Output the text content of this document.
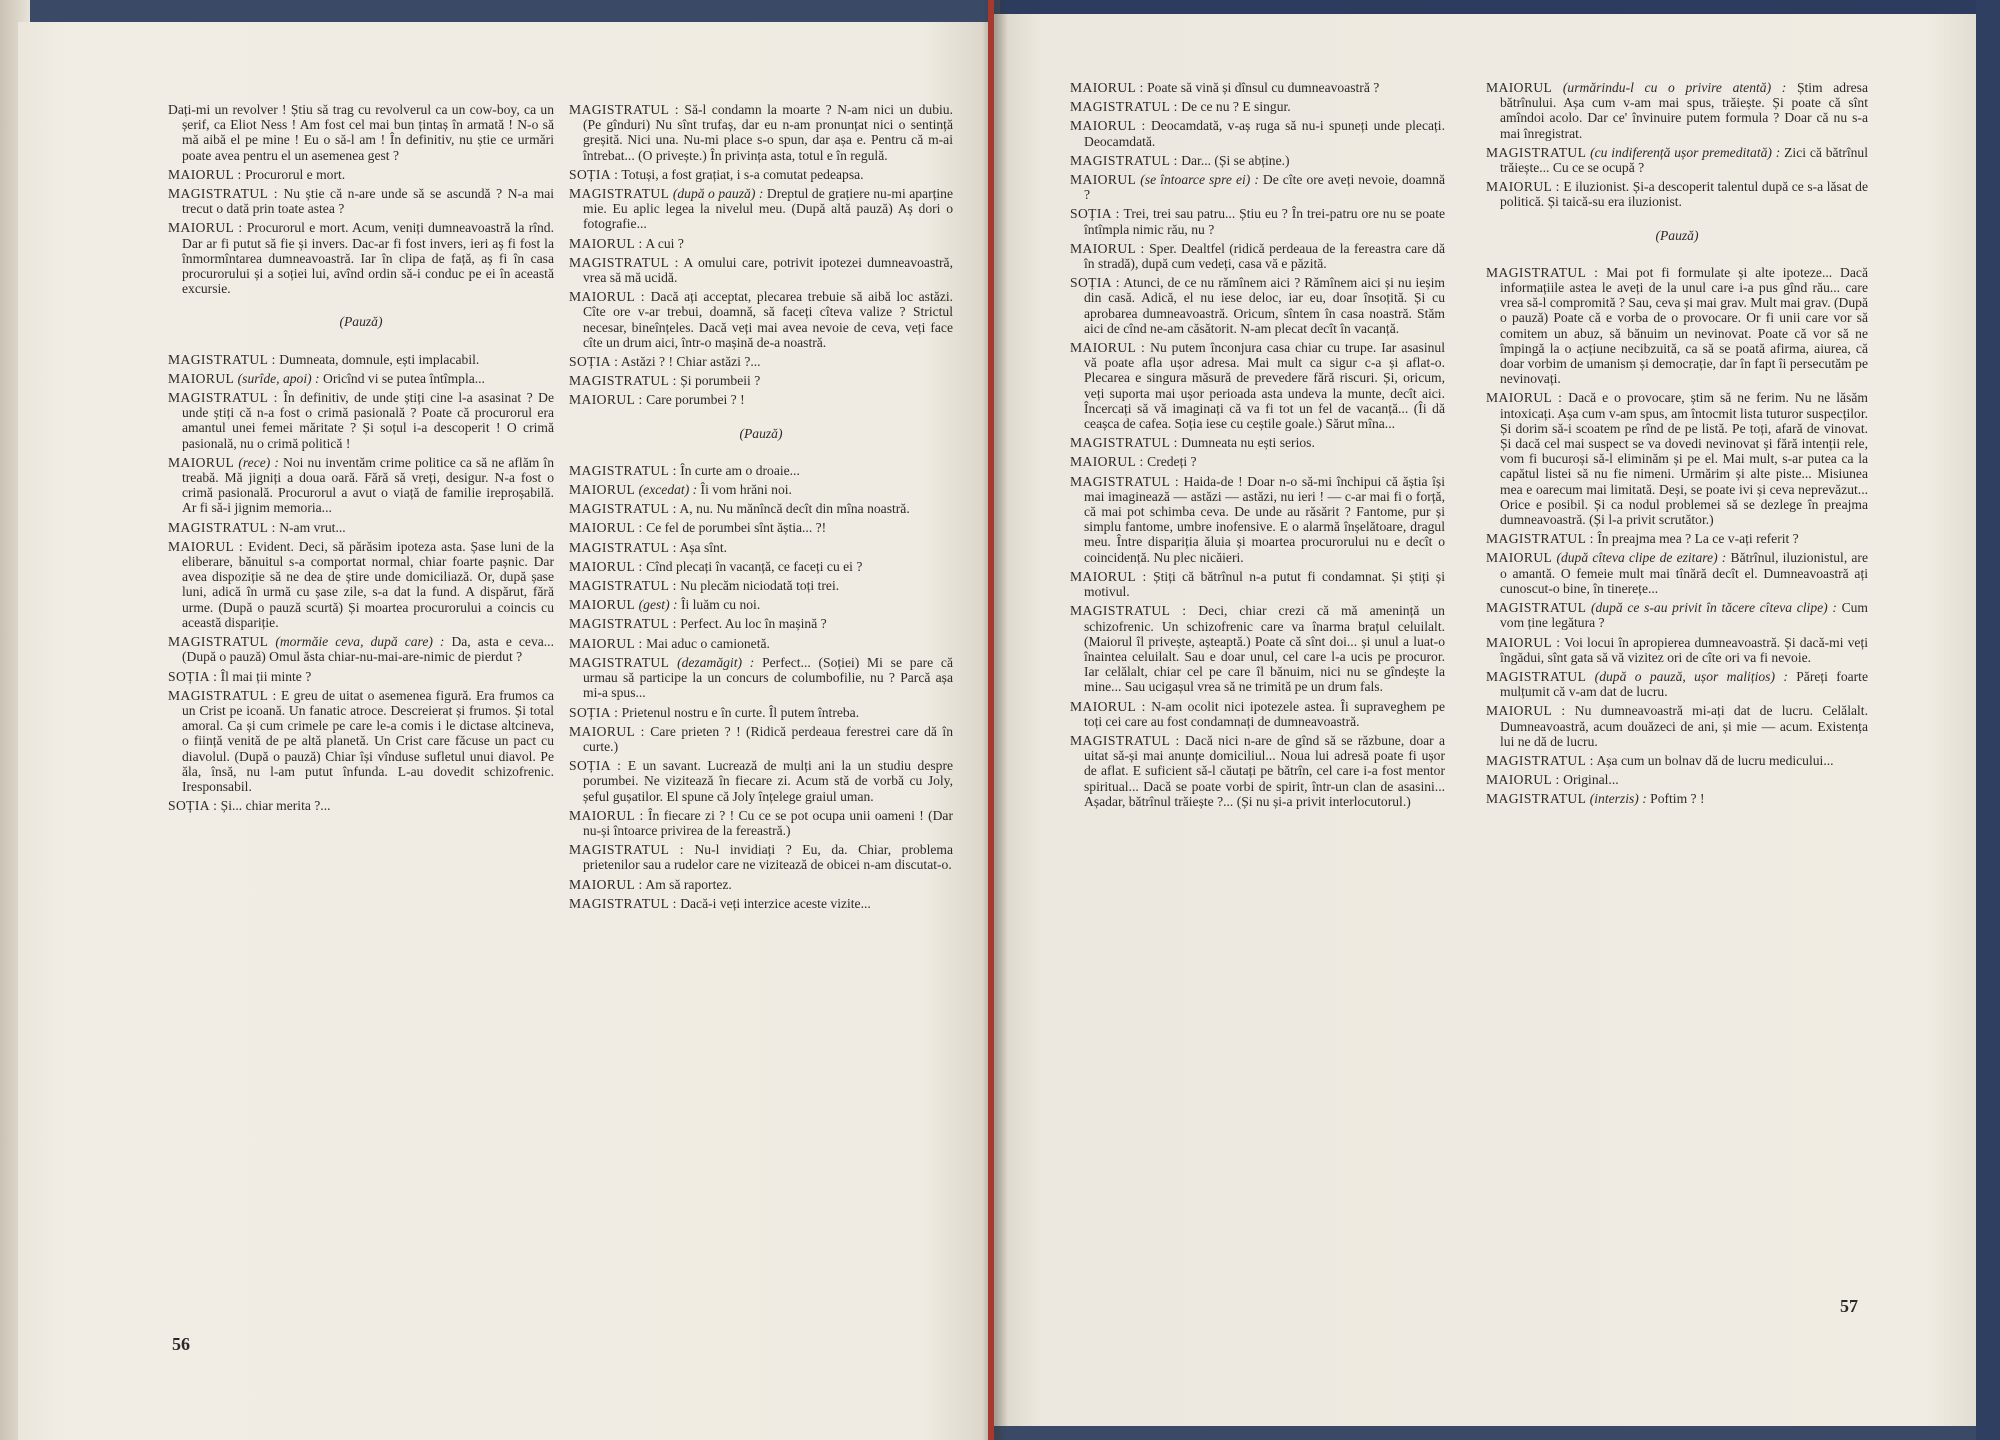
Dați-mi un revolver ! Știu să trag cu revolverul ca un cow-boy, ca un șerif, ca Eliot Ness ! Am fost cel mai bun țintaș în armată ! N-o să mă aibă el pe mine ! Eu o să-l am ! În definitiv, nu știe ce urmări poate avea pentru el un asemenea gest ?
MAIORUL : Procurorul e mort.
MAGISTRATUL : Nu știe că n-are unde să se ascundă ? N-a mai trecut o dată prin toate astea ?
MAIORUL : Procurorul e mort. Acum, veniți dumneavoastră la rînd. Dar ar fi putut să fie și invers. Dac-ar fi fost invers, ieri aș fi fost la înmormîntarea dumneavoastră. Iar în clipa de față, aș fi în casa procurorului și a soției lui, avînd ordin să-i conduc pe ei în această excursie.
(Pauză)
MAGISTRATUL : Dumneata, domnule, ești implacabil.
MAIORUL (surîde, apoi) : Oricînd vi se putea întîmpla...
MAGISTRATUL : În definitiv, de unde știți cine l-a asasinat ? De unde știți că n-a fost o crimă pasională ? Poate că procurorul era amantul unei femei măritate ? Și soțul i-a descoperit ! O crimă pasională, nu o crimă politică !
MAIORUL (rece) : Noi nu inventăm crime politice ca să ne aflăm în treabă. Mă jigniți a doua oară. Fără să vreți, desigur. N-a fost o crimă pasională. Procurorul a avut o viață de familie ireproșabilă. Ar fi să-i jignim memoria...
MAGISTRATUL : N-am vrut...
MAIORUL : Evident. Deci, să părăsim ipoteza asta. Șase luni de la eliberare, bănuitul s-a comportat normal, chiar foarte pașnic. Dar avea dispoziție să ne dea de știre unde domiciliază. Or, după șase luni, adică în urmă cu șase zile, s-a dat la fund. A dispărut, fără urme. (După o pauză scurtă) Și moartea procurorului a coincis cu această dispariție.
MAGISTRATUL (mormăie ceva, după care) : Da, asta e ceva... (După o pauză) Omul ăsta chiar-nu-mai-are-nimic de pierdut ?
SOȚIA : Îl mai ții minte ?
MAGISTRATUL : E greu de uitat o asemenea figură. Era frumos ca un Crist pe icoană. Un fanatic atroce. Descreierat și frumos. Și total amoral. Ca și cum crimele pe care le-a comis i le dictase altcineva, o ființă venită de pe altă planetă. Un Crist care făcuse un pact cu diavolul. (După o pauză) Chiar își vînduse sufletul unui diavol. Pe ăla, însă, nu l-am putut înfunda. L-au dovedit schizofrenic. Iresponsabil.
SOȚIA : Și... chiar merita ?...
MAGISTRATUL : Să-l condamn la moarte ? N-am nici un dubiu. (Pe gînduri) Nu sînt trufaș, dar eu n-am pronunțat nici o sentință greșită. Nici una. Nu-mi place s-o spun, dar așa e. Pentru că m-ai întrebat... (O privește.) În privința asta, totul e în regulă.
SOȚIA : Totuși, a fost grațiat, i s-a comutat pedeapsa.
MAGISTRATUL (după o pauză) : Dreptul de grațiere nu-mi aparține mie. Eu aplic legea la nivelul meu. (După altă pauză) Aș dori o fotografie...
MAIORUL : A cui ?
MAGISTRATUL : A omului care, potrivit ipotezei dumneavoastră, vrea să mă ucidă.
MAIORUL : Dacă ați acceptat, plecarea trebuie să aibă loc astăzi. Cîte ore v-ar trebui, doamnă, să faceți cîteva valize ? Strictul necesar, bineînțeles. Dacă veți mai avea nevoie de ceva, veți face cîte un drum aici, într-o mașină de-a noastră.
SOȚIA : Astăzi ? ! Chiar astăzi ?...
MAGISTRATUL : Și porumbeii ?
MAIORUL : Care porumbei ? !
(Pauză)
MAGISTRATUL : În curte am o droaie...
MAIORUL (excedat) : Îi vom hrăni noi.
MAGISTRATUL : A, nu. Nu mănîncă decît din mîna noastră.
MAIORUL : Ce fel de porumbei sînt ăștia... ?!
MAGISTRATUL : Așa sînt.
MAIORUL : Cînd plecați în vacanță, ce faceți cu ei ?
MAGISTRATUL : Nu plecăm niciodată toți trei.
MAIORUL (gest) : Îi luăm cu noi.
MAGISTRATUL : Perfect. Au loc în mașină ?
MAIORUL : Mai aduc o camionetă.
MAGISTRATUL (dezamăgit) : Perfect... (Soției) Mi se pare că urmau să participe la un concurs de columbofilie, nu ? Parcă așa mi-a spus...
SOȚIA : Prietenul nostru e în curte. Îl putem întreba.
MAIORUL : Care prieten ? ! (Ridică perdeaua ferestrei care dă în curte.)
SOȚIA : E un savant. Lucrează de mulți ani la un studiu despre porumbei. Ne vizitează în fiecare zi. Acum stă de vorbă cu Joly, șeful gușatilor. El spune că Joly înțelege graiul uman.
MAIORUL : În fiecare zi ? ! Cu ce se pot ocupa unii oameni ! (Dar nu-și întoarce privirea de la fereastră.)
MAGISTRATUL : Nu-l invidiați ? Eu, da. Chiar, problema prietenilor sau a rudelor care ne vizitează de obicei n-am discutat-o.
MAIORUL : Am să raportez.
MAGISTRATUL : Dacă-i veți interzice aceste vizite...
56
MAIORUL : Poate să vină și dînsul cu dumneavoastră ?
MAGISTRATUL : De ce nu ? E singur.
MAIORUL : Deocamdată, v-aș ruga să nu-i spuneți unde plecați. Deocamdată.
MAGISTRATUL : Dar... (Și se abține.)
MAIORUL (se întoarce spre ei) : De cîte ore aveți nevoie, doamnă ?
SOȚIA : Trei, trei sau patru... Știu eu ? În trei-patru ore nu se poate întîmpla nimic rău, nu ?
MAIORUL : Sper. Dealtfel (ridică perdeaua de la fereastra care dă în stradă), după cum vedeți, casa vă e păzită.
SOȚIA : Atunci, de ce nu rămînem aici ? Rămînem aici și nu ieșim din casă. Adică, el nu iese deloc, iar eu, doar însoțită. Și cu aprobarea dumneavoastră. Oricum, sîntem în casa noastră. Stăm aici de cînd ne-am căsătorit. N-am plecat decît în vacanță.
MAIORUL : Nu putem înconjura casa chiar cu trupe. Iar asasinul vă poate afla ușor adresa. Mai mult ca sigur c-a și aflat-o. Plecarea e singura măsură de prevedere fără riscuri. Și, oricum, veți suporta mai ușor perioada asta undeva la munte, decît aici. Încercați să vă imaginați că va fi tot un fel de vacanță... (Îi dă ceașca de cafea. Soția iese cu ceștile goale.) Sărut mîna...
MAGISTRATUL : Dumneata nu ești serios.
MAIORUL : Credeți ?
MAGISTRATUL : Haida-de ! Doar n-o să-mi închipui că ăștia își mai imaginează — astăzi — astăzi, nu ieri ! — c-ar mai fi o forță, că mai pot schimba ceva. De unde au răsărit ? Fantome, pur și simplu fantome, umbre inofensive. E o alarmă înșelătoare, dragul meu. Între dispariția ăluia și moartea procurorului nu e decît o coincidență. Nu plec nicăieri.
MAIORUL : Știți că bătrînul n-a putut fi condamnat. Și știți și motivul.
MAGISTRATUL : Deci, chiar crezi că mă amenință un schizofrenic. Un schizofrenic care va înarma brațul celuilalt. (Maiorul îl privește, așteaptă.) Poate că sînt doi... și unul a luat-o înaintea celuilalt. Sau e doar unul, cel care l-a ucis pe procuror. Iar celălalt, chiar cel pe care îl bănuim, nici nu se gîndește la mine... Sau ucigașul vrea să ne trimită pe un drum fals.
MAIORUL : N-am ocolit nici ipotezele astea. Îi supraveghem pe toți cei care au fost condamnați de dumneavoastră.
MAGISTRATUL : Dacă nici n-are de gînd să se răzbune, doar a uitat să-și mai anunțe domiciliul... Noua lui adresă poate fi ușor de aflat. E suficient să-l căutați pe bătrîn, cel care i-a fost mentor spiritual... Dacă se poate vorbi de spirit, într-un clan de asasini... Așadar, bătrînul trăiește ?... (Și nu și-a privit interlocutorul.)
MAIORUL (urmărindu-l cu o privire atentă) : Știm adresa bătrînului. Așa cum v-am mai spus, trăiește. Și poate că sînt amîndoi acolo. Dar ce' învinuire putem formula ? Doar că nu s-a mai înregistrat.
MAGISTRATUL (cu indiferență ușor premeditată) : Zici că bătrînul trăiește... Cu ce se ocupă ?
MAIORUL : E iluzionist. Și-a descoperit talentul după ce s-a lăsat de politică. Și taică-su era iluzionist.
(Pauză)
MAGISTRATUL : Mai pot fi formulate și alte ipoteze... Dacă informațiile astea le aveți de la unul care i-a pus gînd rău... care vrea să-l compromită ? Sau, ceva și mai grav. Mult mai grav. (După o pauză) Poate că e vorba de o provocare. Or fi unii care vor să comitem un abuz, să bănuim un nevinovat. Poate că vor să ne împingă la o acțiune necibzuită, ca să se poată afirma, aiurea, că doar vorbim de umanism și democrație, dar în fapt îi persecutăm pe nevinovați.
MAIORUL : Dacă e o provocare, știm să ne ferim. Nu ne lăsăm intoxicați. Așa cum v-am spus, am întocmit lista tuturor suspecților. Și dorim să-i scoatem pe rînd de pe listă. Pe toți, afară de vinovat. Și dacă cel mai suspect se va dovedi nevinovat și fără intenții rele, vom fi bucuroși să-l eliminăm și pe el. Mai mult, s-ar putea ca la capătul listei să nu fie nimeni. Urmărim și alte piste... Misiunea mea e oarecum mai limitată. Deși, se poate ivi și ceva neprevăzut... Orice e posibil. Și ca nodul problemei să se dezlege în preajma dumneavoastră. (Și l-a privit scrutător.)
MAGISTRATUL : În preajma mea ? La ce v-ați referit ?
MAIORUL (după cîteva clipe de ezitare) : Bătrînul, iluzionistul, are o amantă. O femeie mult mai tînără decît el. Dumneavoastră ați cunoscut-o bine, în tinerețe...
MAGISTRATUL (după ce s-au privit în tăcere cîteva clipe) : Cum vom ține legătura ?
MAIORUL : Voi locui în apropierea dumneavoastră. Și dacă-mi veți îngădui, sînt gata să vă vizitez ori de cîte ori va fi nevoie.
MAGISTRATUL (după o pauză, ușor malițios) : Păreți foarte mulțumit că v-am dat de lucru.
MAIORUL : Nu dumneavoastră mi-ați dat de lucru. Celălalt. Dumneavoastră, acum douăzeci de ani, și mie — acum. Existența lui ne dă de lucru.
MAGISTRATUL : Așa cum un bolnav dă de lucru medicului...
MAIORUL : Original...
MAGISTRATUL (interzis) : Poftim ? !
57
